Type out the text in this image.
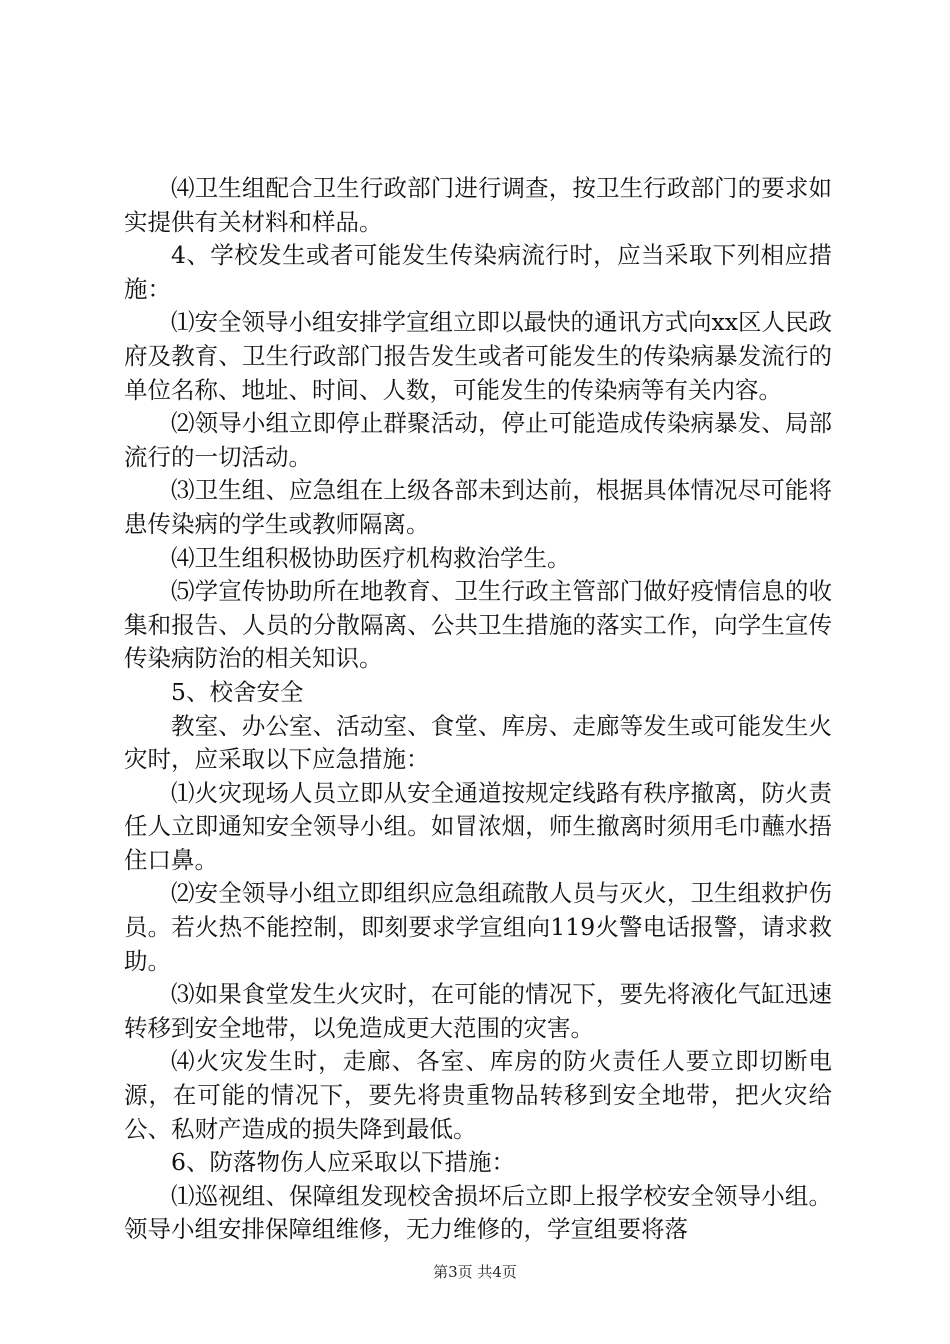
⑷卫生组配合卫生行政部门进行调查，按卫生行政部门的要求如实提供有关材料和样品。

4、学校发生或者可能发生传染病流行时，应当采取下列相应措施：

⑴安全领导小组安排学宣组立即以最快的通讯方式向xx区人民政府及教育、卫生行政部门报告发生或者可能发生的传染病暴发流行的单位名称、地址、时间、人数，可能发生的传染病等有关内容。

⑵领导小组立即停止群聚活动，停止可能造成传染病暴发、局部流行的一切活动。

⑶卫生组、应急组在上级各部未到达前，根据具体情况尽可能将患传染病的学生或教师隔离。

⑷卫生组积极协助医疗机构救治学生。

⑸学宣传协助所在地教育、卫生行政主管部门做好疫情信息的收集和报告、人员的分散隔离、公共卫生措施的落实工作，向学生宣传传染病防治的相关知识。

5、校舍安全

教室、办公室、活动室、食堂、库房、走廊等发生或可能发生火灾时，应采取以下应急措施：

⑴火灾现场人员立即从安全通道按规定线路有秩序撤离，防火责任人立即通知安全领导小组。如冒浓烟，师生撤离时须用毛巾蘸水捂住口鼻。

⑵安全领导小组立即组织应急组疏散人员与灭火，卫生组救护伤员。若火热不能控制，即刻要求学宣组向119火警电话报警，请求救助。

⑶如果食堂发生火灾时，在可能的情况下，要先将液化气缸迅速转移到安全地带，以免造成更大范围的灾害。

⑷火灾发生时，走廊、各室、库房的防火责任人要立即切断电源，在可能的情况下，要先将贵重物品转移到安全地带，把火灾给公、私财产造成的损失降到最低。

6、防落物伤人应采取以下措施：

⑴巡视组、保障组发现校舍损坏后立即上报学校安全领导小组。领导小组安排保障组维修，无力维修的，学宣组要将落

第3页 共4页
